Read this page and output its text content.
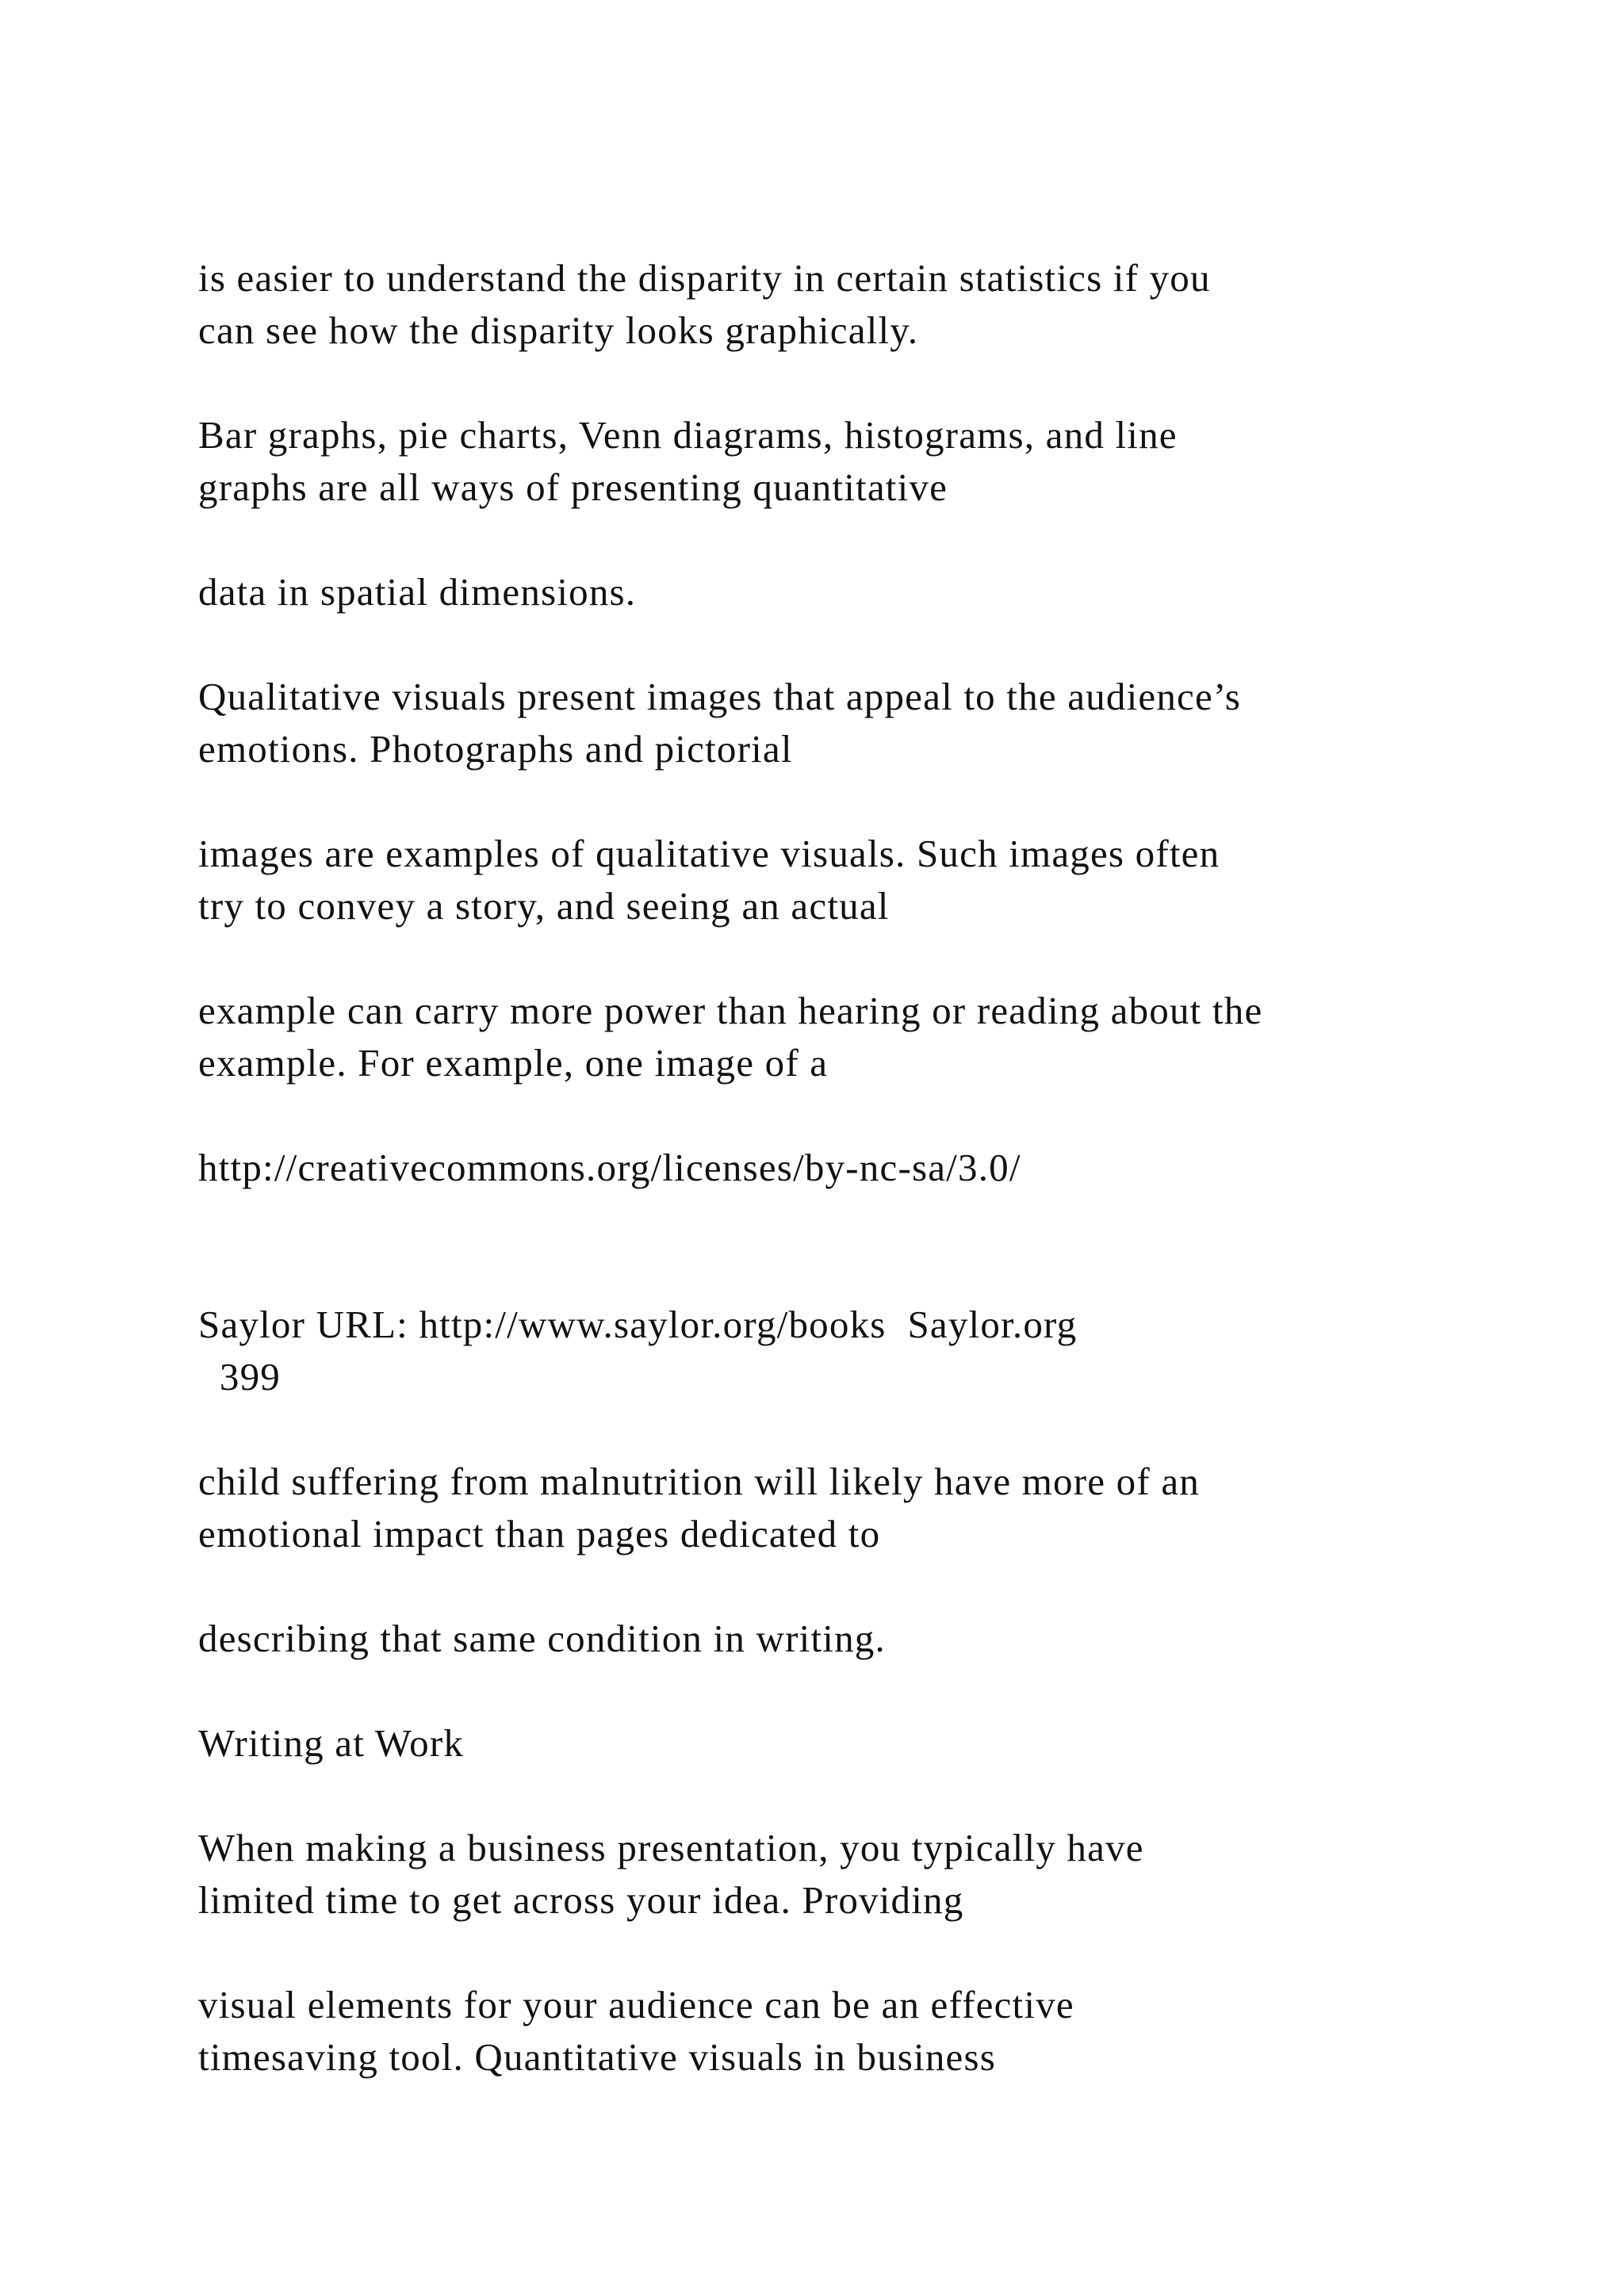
is easier to understand the disparity in certain statistics if you
can see how the disparity looks graphically.
Bar graphs, pie charts, Venn diagrams, histograms, and line
graphs are all ways of presenting quantitative
data in spatial dimensions.
Qualitative visuals present images that appeal to the audience’s
emotions. Photographs and pictorial
images are examples of qualitative visuals. Such images often
try to convey a story, and seeing an actual
example can carry more power than hearing or reading about the
example. For example, one image of a
http://creativecommons.org/licenses/by-nc-sa/3.0/
Saylor URL: http://www.saylor.org/books  Saylor.org
399
child suffering from malnutrition will likely have more of an
emotional impact than pages dedicated to
describing that same condition in writing.
Writing at Work
When making a business presentation, you typically have
limited time to get across your idea. Providing
visual elements for your audience can be an effective
timesaving tool. Quantitative visuals in business
